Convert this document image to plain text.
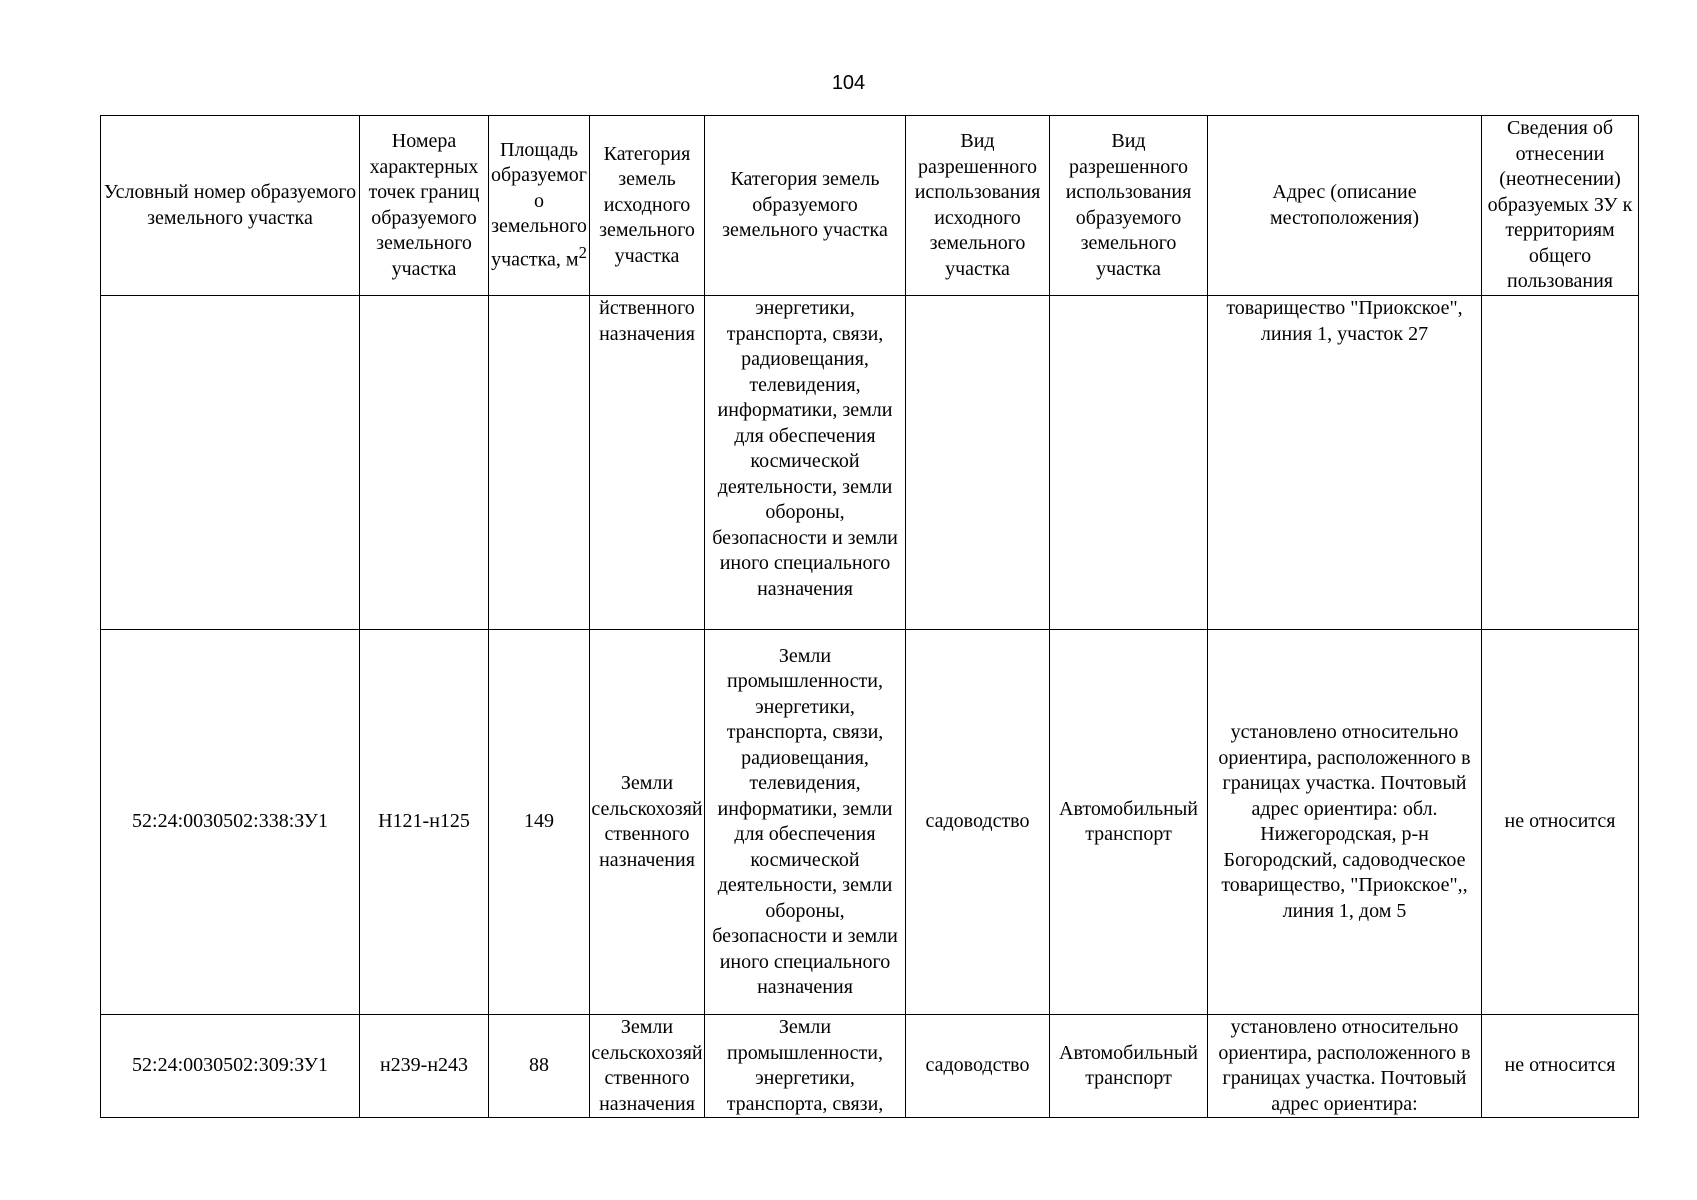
104
Условный номер образуемого земельного участка	Номера характерных точек границ образуемого земельного участка	Площадь образуемого земельного участка, $м^2$	Категория земель исходного земельного участка	Категория земель образуемого земельного участка	Вид разрешенного использования исходного земельного участка	Вид разрешенного использования образуемого земельного участка	Адрес (описание местоположения)	Сведения об отнесении (неотнесении) образуемых ЗУ к территориям общего пользования
			йственного назначения	энергетики, транспорта, связи, радиовещания, телевидения, информатики, земли для обеспечения космической деятельности, земли обороны, безопасности и земли иного специального назначения			товарищество "Приокское", линия 1, участок 27	
52:24:0030502:338:ЗУ1	Н121-н125	149	Земли сельскохозяйственного назначения	Земли промышленности, энергетики, транспорта, связи, радиовещания, телевидения, информатики, земли для обеспечения космической деятельности, земли обороны, безопасности и земли иного специального назначения	садоводство	Автомобильный транспорт	установлено относительно ориентира, расположенного в границах участка. Почтовый адрес ориентира: обл. Нижегородская, р-н Богородский, садоводческое товарищество, "Приокское",, линия 1, дом 5	не относится
52:24:0030502:309:ЗУ1	н239-н243	88	Земли сельскохозяйственного назначения	Земли промышленности, энергетики, транспорта, связи,	садоводство	Автомобильный транспорт	установлено относительно ориентира, расположенного в границах участка. Почтовый адрес ориентира:	не относится
